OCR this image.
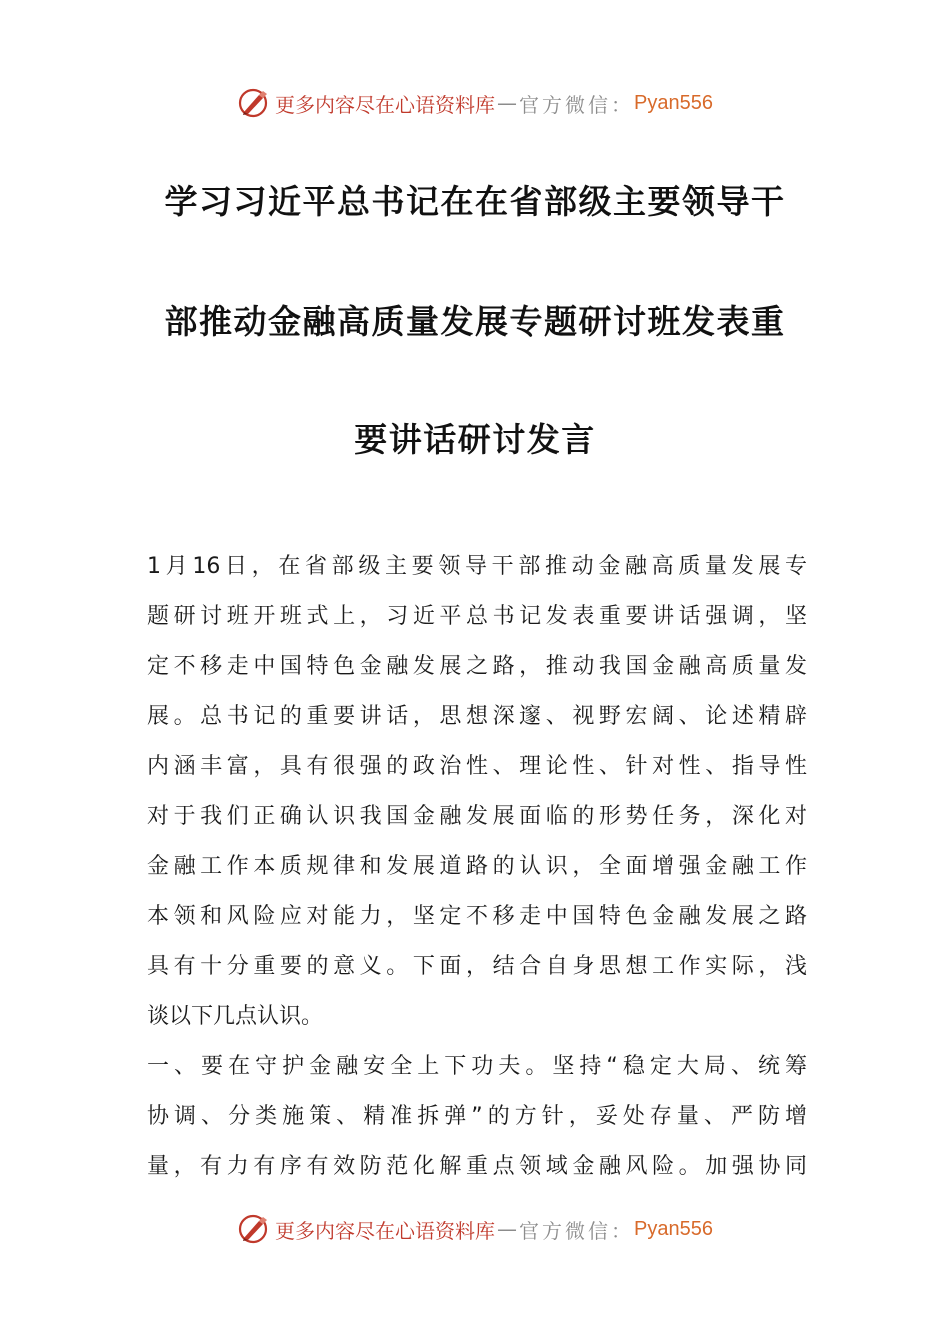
更多内容尽在心语资料库 — 官方微信： Pyan556
学习习近平总书记在在省部级主要领导干
部推动金融高质量发展专题研讨班发表重
要讲话研讨发言
1月16日，在省部级主要领导干部推动金融高质量发展专
题研讨班开班式上，习近平总书记发表重要讲话强调，坚
定不移走中国特色金融发展之路，推动我国金融高质量发
展。总书记的重要讲话，思想深邃、视野宏阔、论述精辟
内涵丰富，具有很强的政治性、理论性、针对性、指导性
对于我们正确认识我国金融发展面临的形势任务，深化对
金融工作本质规律和发展道路的认识，全面增强金融工作
本领和风险应对能力，坚定不移走中国特色金融发展之路
具有十分重要的意义。下面，结合自身思想工作实际，浅
谈以下几点认识。
一、要在守护金融安全上下功夫。坚持“稳定大局、统筹
协调、分类施策、精准拆弹”的方针，妥处存量、严防增
量，有力有序有效防范化解重点领域金融风险。加强协同
更多内容尽在心语资料库 — 官方微信： Pyan556
